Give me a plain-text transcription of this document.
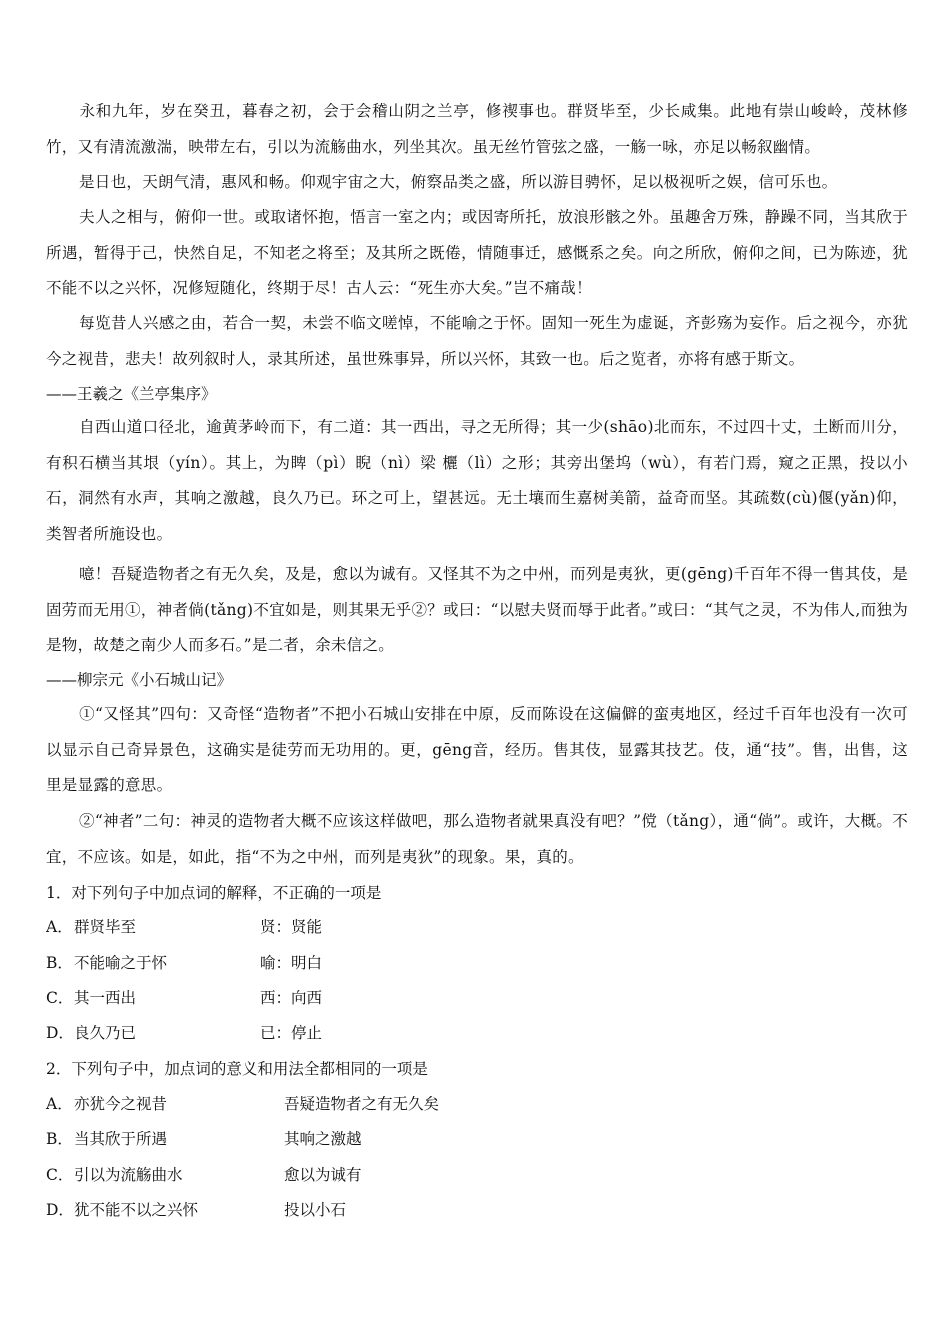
永和九年，岁在癸丑，暮春之初，会于会稽山阴之兰亭，修禊事也。群贤毕至，少长咸集。此地有崇山峻岭，茂林修竹，又有清流激湍，映带左右，引以为流觞曲水，列坐其次。虽无丝竹管弦之盛，一觞一咏，亦足以畅叙幽情。

是日也，天朗气清，惠风和畅。仰观宇宙之大，俯察品类之盛，所以游目骋怀，足以极视听之娱，信可乐也。

夫人之相与，俯仰一世。或取诸怀抱，悟言一室之内；或因寄所托，放浪形骸之外。虽趣舍万殊，静躁不同，当其欣于所遇，暂得于己，快然自足，不知老之将至；及其所之既倦，情随事迁，感慨系之矣。向之所欣，俯仰之间，已为陈迹，犹不能不以之兴怀，况修短随化，终期于尽！古人云：“死生亦大矣。”岂不痛哉！

每览昔人兴感之由，若合一契，未尝不临文嗟悼，不能喻之于怀。固知一死生为虚诞，齐彭殇为妄作。后之视今，亦犹今之视昔，悲夫！故列叙时人，录其所述，虽世殊事异，所以兴怀，其致一也。后之览者，亦将有感于斯文。

——王羲之《兰亭集序》

自西山道口径北，逾黄茅岭而下，有二道：其一西出，寻之无所得；其一少(shāo)北而东，不过四十丈，土断而川分，有积石横当其垠（yín）。其上，为睥（pì）睨（nì）梁 欐（lì）之形；其旁出堡坞（wù），有若门焉，窥之正黑，投以小石，洞然有水声，其响之激越，良久乃已。环之可上，望甚远。无土壤而生嘉树美箭，益奇而坚。其疏数(cù)偃(yǎn)仰，类智者所施设也。

噫！吾疑造物者之有无久矣，及是，愈以为诚有。又怪其不为之中州，而列是夷狄，更(gēng)千百年不得一售其伎，是固劳而无用①，神者倘(tǎng)不宜如是，则其果无乎②？或曰：“以慰夫贤而辱于此者。”或曰：“其气之灵，不为伟人,而独为是物，故楚之南少人而多石。”是二者，余未信之。

——柳宗元《小石城山记》

①“又怪其”四句：又奇怪“造物者”不把小石城山安排在中原，反而陈设在这偏僻的蛮夷地区，经过千百年也没有一次可以显示自己奇异景色，这确实是徒劳而无功用的。更，gēng音，经历。售其伎，显露其技艺。伎，通“技”。售，出售，这里是显露的意思。

②“神者”二句：神灵的造物者大概不应该这样做吧，那么造物者就果真没有吧？”傥（tǎng），通“倘”。或许，大概。不宜，不应该。如是，如此，指“不为之中州，而列是夷狄”的现象。果，真的。

1．对下列句子中加点词的解释，不正确的一项是

A．群贤毕至	贤：贤能
B．不能喻之于怀	喻：明白
C．其一西出	西：向西
D．良久乃已	已：停止

2．下列句子中，加点词的意义和用法全都相同的一项是

A．亦犹今之视昔	吾疑造物者之有无久矣
B．当其欣于所遇	其响之激越
C．引以为流觞曲水	愈以为诚有
D．犹不能不以之兴怀	投以小石
